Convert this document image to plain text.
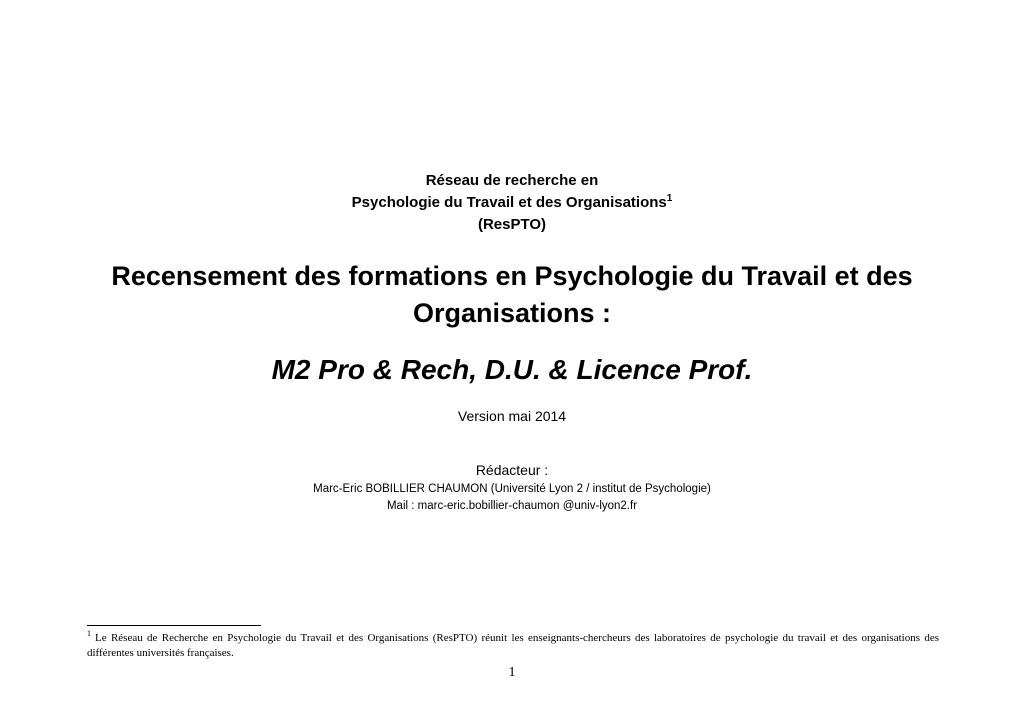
Réseau de recherche en
Psychologie du Travail et des Organisations$^1$
(ResPTO)
Recensement des formations en Psychologie du Travail et des
Organisations :
M2 Pro & Rech, D.U. & Licence Prof.
Version mai 2014
Rédacteur :
Marc-Eric BOBILLIER CHAUMON (Université Lyon 2 / institut de Psychologie)
Mail : marc-eric.bobillier-chaumon @univ-lyon2.fr
$^1$ Le Réseau de Recherche en Psychologie du Travail et des Organisations (ResPTO) réunit les enseignants-chercheurs des laboratoires de psychologie du travail et des organisations des différentes universités françaises.
1
